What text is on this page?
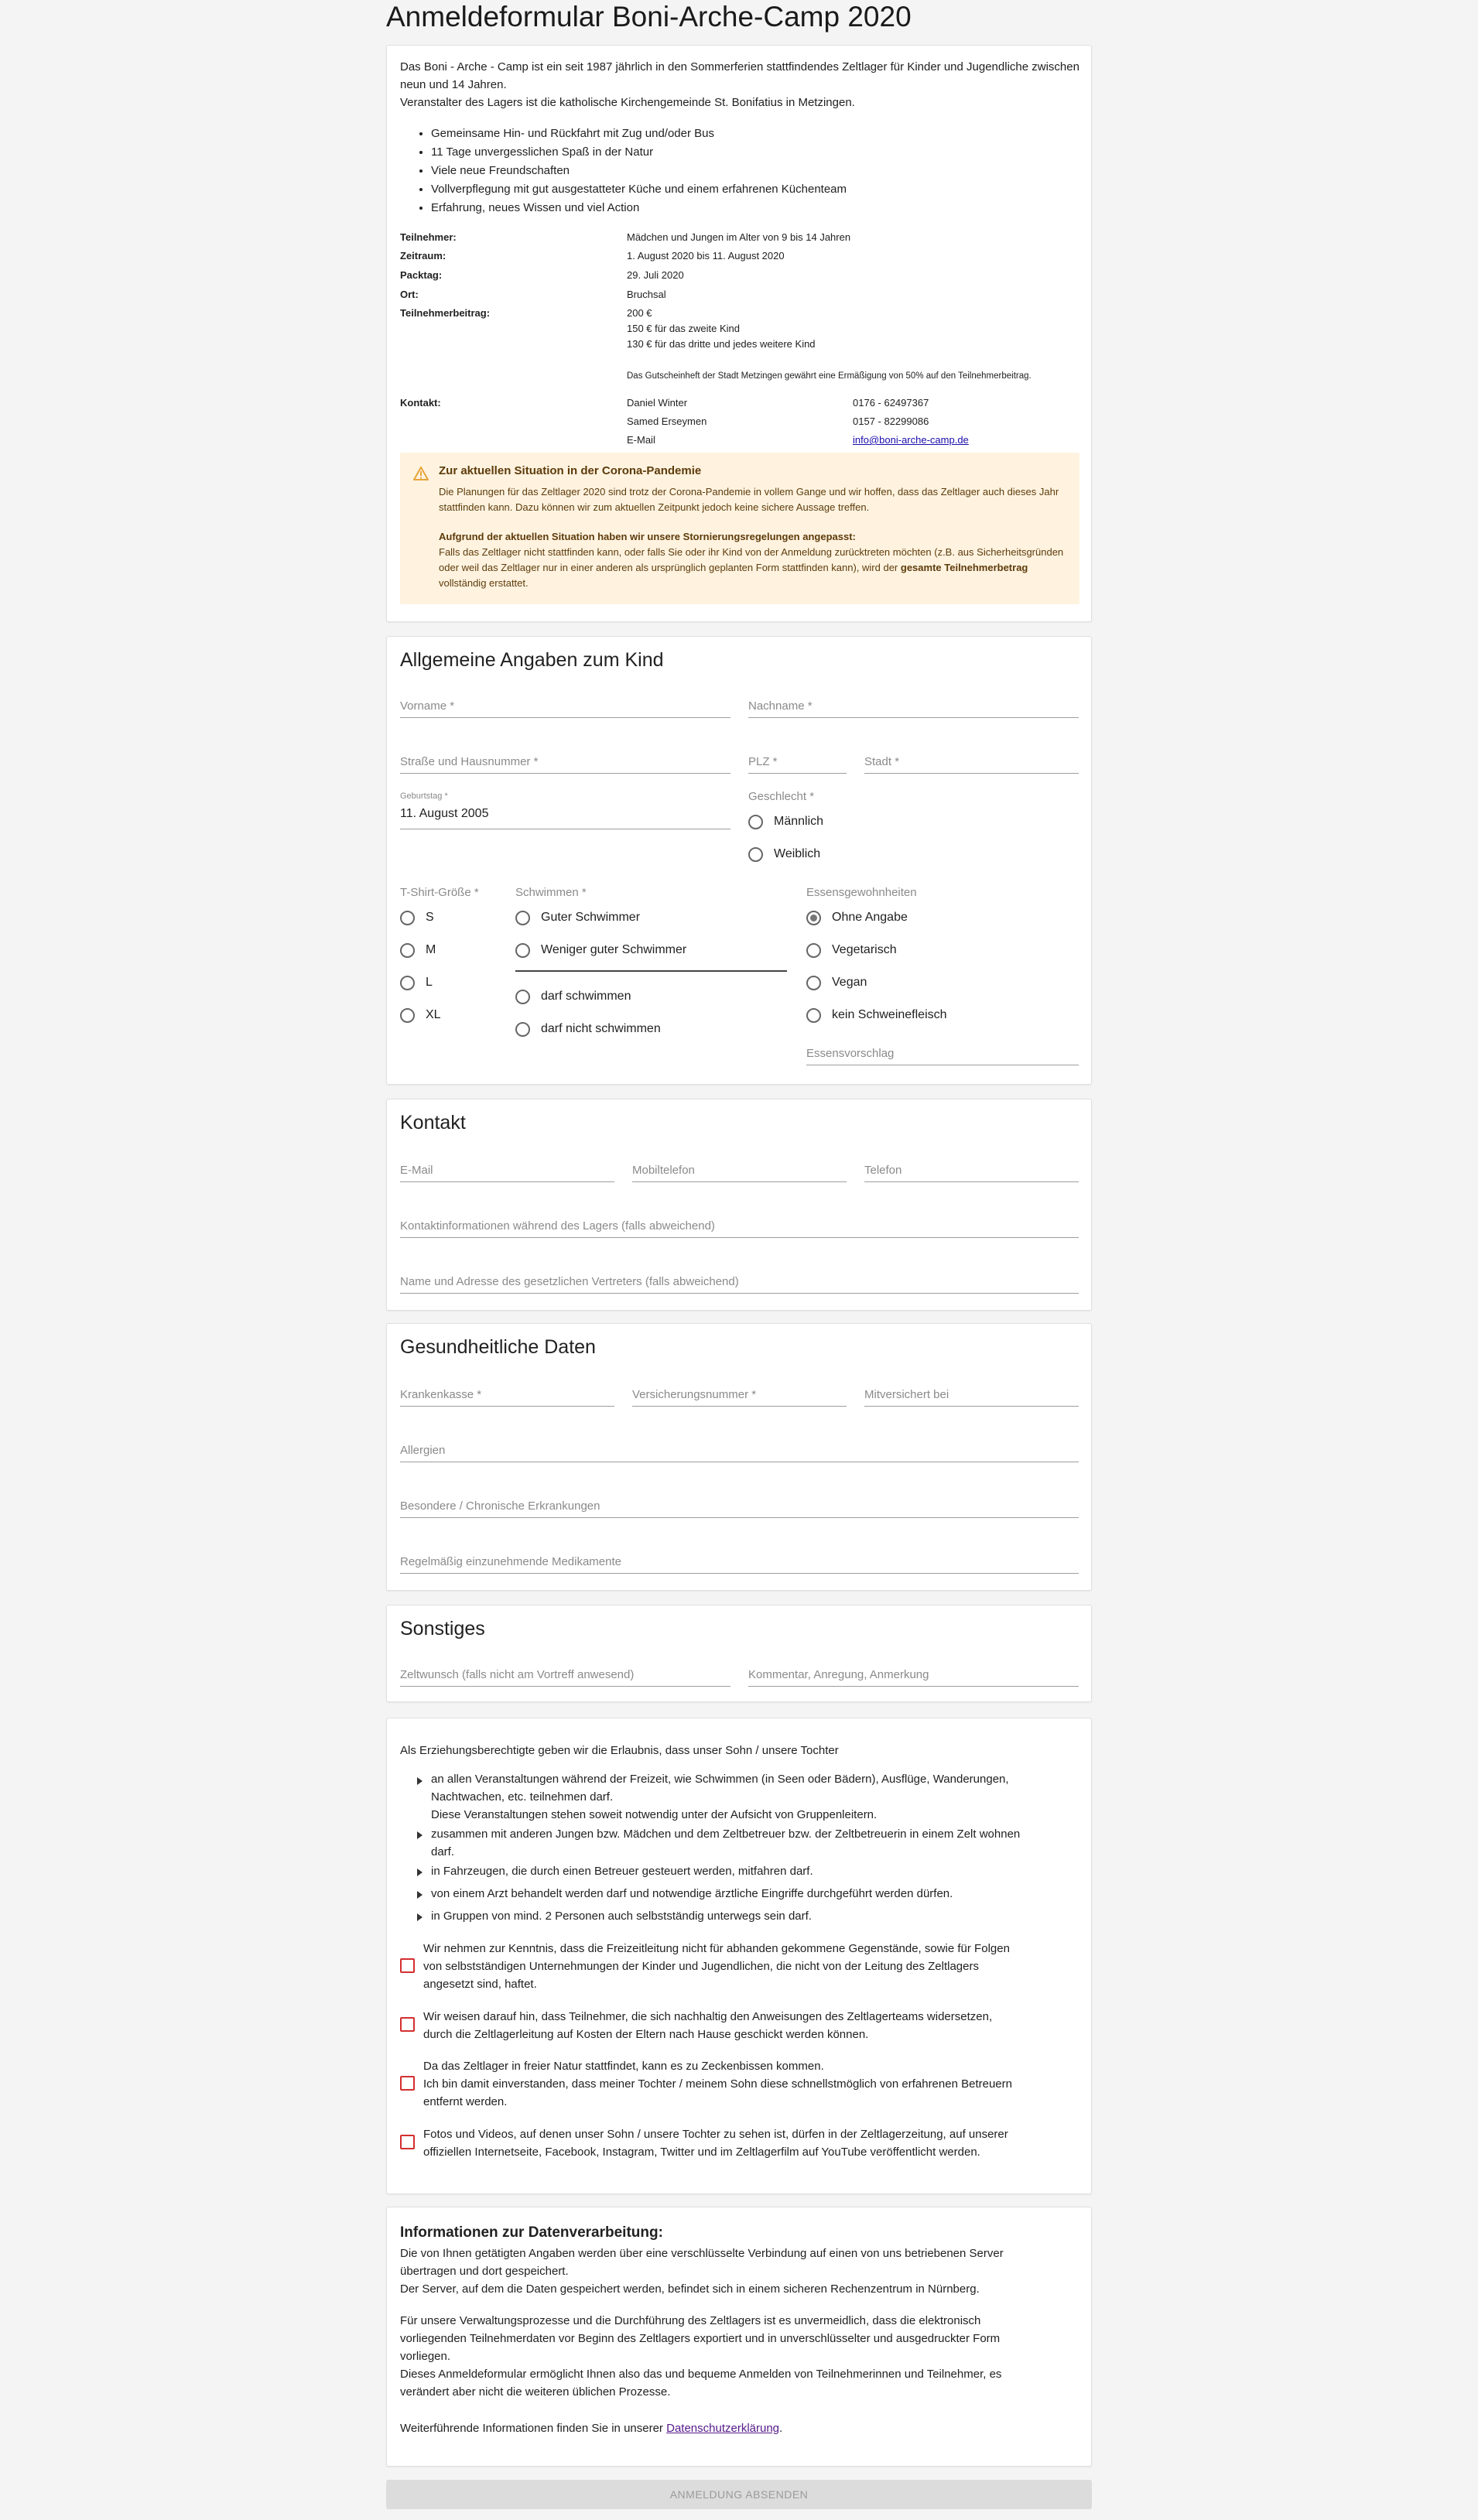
Anmeldeformular Boni-Arche-Camp 2020
Das Boni - Arche - Camp ist ein seit 1987 jährlich in den Sommerferien stattfindendes Zeltlager für Kinder und Jugendliche zwischen neun und 14 Jahren.
Veranstalter des Lagers ist die katholische Kirchengemeinde St. Bonifatius in Metzingen.
• Gemeinsame Hin- und Rückfahrt mit Zug und/oder Bus
• 11 Tage unvergesslichen Spaß in der Natur
• Viele neue Freundschaften
• Vollverpflegung mit gut ausgestatteter Küche und einem erfahrenen Küchenteam
• Erfahrung, neues Wissen und viel Action
Teilnehmer:	Mädchen und Jungen im Alter von 9 bis 14 Jahren
Zeitraum:	1. August 2020 bis 11. August 2020
Packtag:	29. Juli 2020
Ort:	Bruchsal
Teilnehmerbeitrag:	200 €
150 € für das zweite Kind
130 € für das dritte und jedes weitere Kind
Das Gutscheinheft der Stadt Metzingen gewährt eine Ermäßigung von 50% auf den Teilnehmerbeitrag.
Kontakt:	Daniel Winter	0176 - 62497367
Samed Erseymen	0157 - 82299086
E-Mail	info@boni-arche-camp.de
Zur aktuellen Situation in der Corona-Pandemie
Die Planungen für das Zeltlager 2020 sind trotz der Corona-Pandemie in vollem Gange und wir hoffen, dass das Zeltlager auch dieses Jahr stattfinden kann. Dazu können wir zum aktuellen Zeitpunkt jedoch keine sichere Aussage treffen.
Aufgrund der aktuellen Situation haben wir unsere Stornierungsregelungen angepasst:
Falls das Zeltlager nicht stattfinden kann, oder falls Sie oder ihr Kind von der Anmeldung zurücktreten möchten (z.B. aus Sicherheitsgründen oder weil das Zeltlager nur in einer anderen als ursprünglich geplanten Form stattfinden kann), wird der gesamte Teilnehmerbetrag vollständig erstattet.
Allgemeine Angaben zum Kind
Vorname *	Nachname *
Straße und Hausnummer *	PLZ *	Stadt *
Geburtstag *
11. August 2005
Geschlecht *
Männlich
Weiblich
T-Shirt-Größe *
S
M
L
XL
Schwimmen *
Guter Schwimmer
Weniger guter Schwimmer
darf schwimmen
darf nicht schwimmen
Essensgewohnheiten
Ohne Angabe
Vegetarisch
Vegan
kein Schweinefleisch
Essensvorschlag
Kontakt
E-Mail	Mobiltelefon	Telefon
Kontaktinformationen während des Lagers (falls abweichend)
Name und Adresse des gesetzlichen Vertreters (falls abweichend)
Gesundheitliche Daten
Krankenkasse *	Versicherungsnummer *	Mitversichert bei
Allergien
Besondere / Chronische Erkrankungen
Regelmäßig einzunehmende Medikamente
Sonstiges
Zeltwunsch (falls nicht am Vortreff anwesend)	Kommentar, Anregung, Anmerkung
Als Erziehungsberechtigte geben wir die Erlaubnis, dass unser Sohn / unsere Tochter
an allen Veranstaltungen während der Freizeit, wie Schwimmen (in Seen oder Bädern), Ausflüge, Wanderungen,
Nachtwachen, etc. teilnehmen darf.
Diese Veranstaltungen stehen soweit notwendig unter der Aufsicht von Gruppenleitern.
zusammen mit anderen Jungen bzw. Mädchen und dem Zeltbetreuer bzw. der Zeltbetreuerin in einem Zelt wohnen
darf.
in Fahrzeugen, die durch einen Betreuer gesteuert werden, mitfahren darf.
von einem Arzt behandelt werden darf und notwendige ärztliche Eingriffe durchgeführt werden dürfen.
in Gruppen von mind. 2 Personen auch selbstständig unterwegs sein darf.
Wir nehmen zur Kenntnis, dass die Freizeitleitung nicht für abhanden gekommene Gegenstände, sowie für Folgen
von selbstständigen Unternehmungen der Kinder und Jugendlichen, die nicht von der Leitung des Zeltlagers
angesetzt sind, haftet.
Wir weisen darauf hin, dass Teilnehmer, die sich nachhaltig den Anweisungen des Zeltlagerteams widersetzen,
durch die Zeltlagerleitung auf Kosten der Eltern nach Hause geschickt werden können.
Da das Zeltlager in freier Natur stattfindet, kann es zu Zeckenbissen kommen.
Ich bin damit einverstanden, dass meiner Tochter / meinem Sohn diese schnellstmöglich von erfahrenen Betreuern
entfernt werden.
Fotos und Videos, auf denen unser Sohn / unsere Tochter zu sehen ist, dürfen in der Zeltlagerzeitung, auf unserer
offiziellen Internetseite, Facebook, Instagram, Twitter und im Zeltlagerfilm auf YouTube veröffentlicht werden.
Informationen zur Datenverarbeitung:
Die von Ihnen getätigten Angaben werden über eine verschlüsselte Verbindung auf einen von uns betriebenen Server
übertragen und dort gespeichert.
Der Server, auf dem die Daten gespeichert werden, befindet sich in einem sicheren Rechenzentrum in Nürnberg.
Für unsere Verwaltungsprozesse und die Durchführung des Zeltlagers ist es unvermeidlich, dass die elektronisch
vorliegenden Teilnehmerdaten vor Beginn des Zeltlagers exportiert und in unverschlüsselter und ausgedruckter Form
vorliegen.
Dieses Anmeldeformular ermöglicht Ihnen also das und bequeme Anmelden von Teilnehmerinnen und Teilnehmer, es
verändert aber nicht die weiteren üblichen Prozesse.
Weiterführende Informationen finden Sie in unserer Datenschutzerklärung.
ANMELDUNG ABSENDEN
